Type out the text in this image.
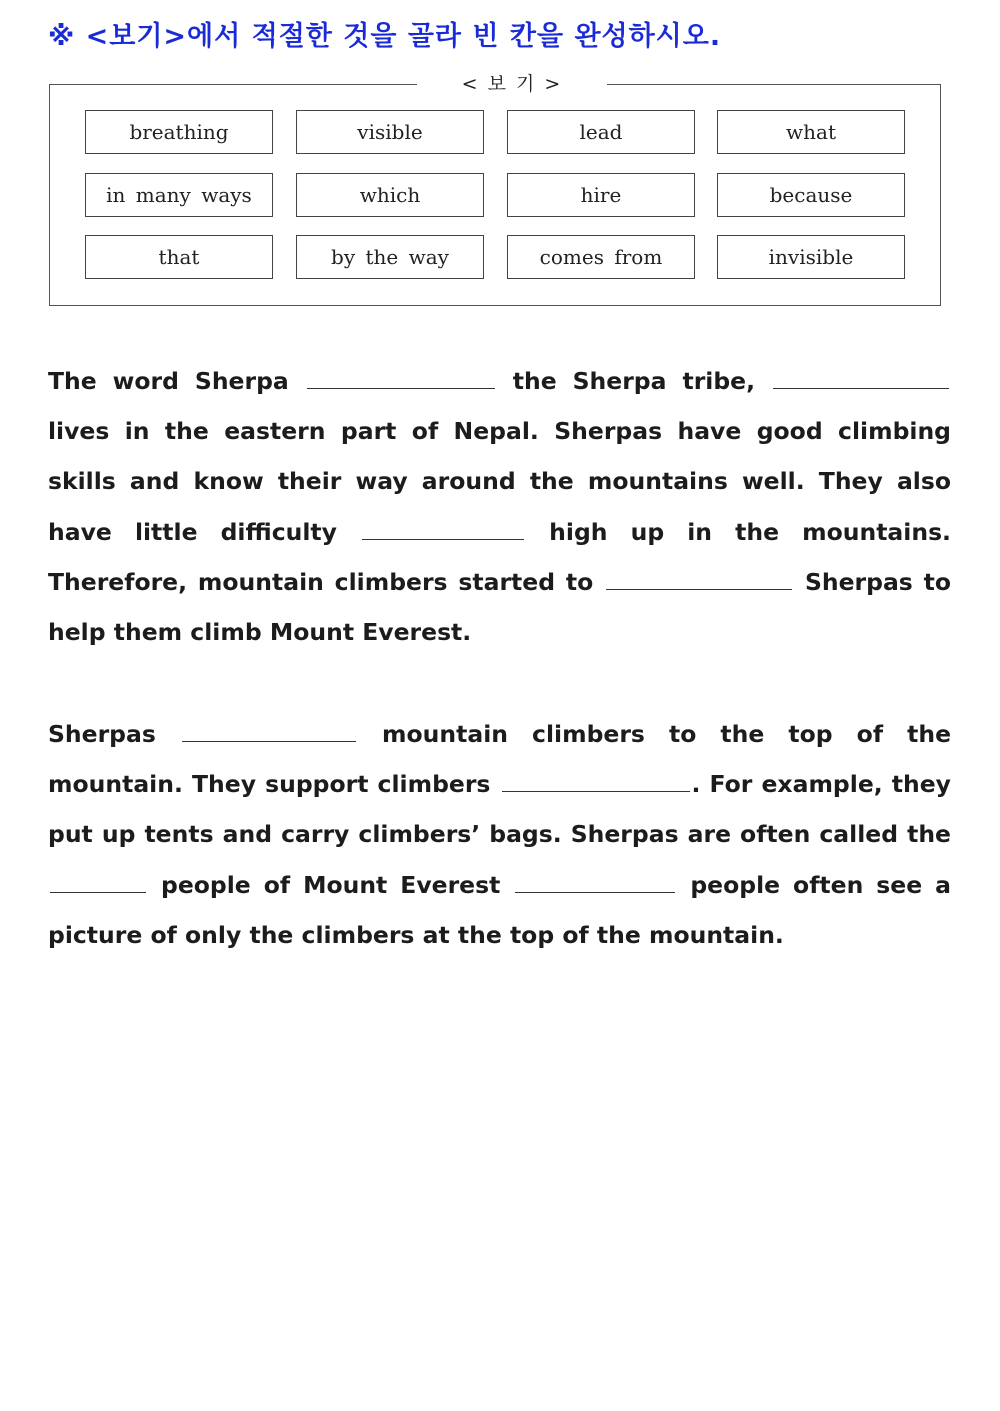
※ <보기>에서 적절한 것을 골라 빈 칸을 완성하시오.
< 보 기 >
breathing	visible	lead	what
in many ways	which	hire	because
that	by the way	comes from	invisible
The word Sherpa	the Sherpa tribe,  lives in the eastern part of Nepal. Sherpas have good climbing skills and know their way around the mountains well. They also have little difficulty	high up in the mountains. Therefore, mountain climbers started to	Sherpas to help them climb Mount Everest.
Sherpas	mountain climbers to the top of the mountain. They support climbers	. For example, they put up tents and carry climbers’ bags. Sherpas are often called the  people of Mount Everest	people often see a picture of only the climbers at the top of the mountain.
